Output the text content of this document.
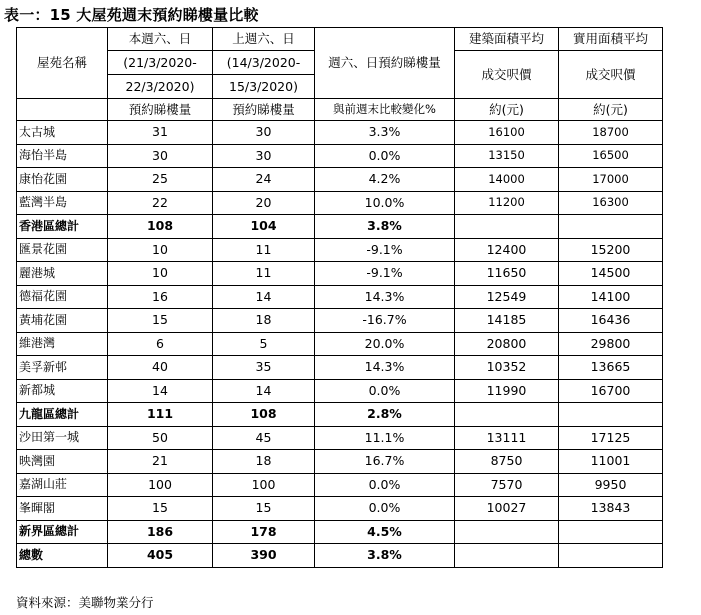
表一：15 大屋苑週末預約睇樓量比較
屋苑名稱	本週六、日	上週六、日	週六、日預約睇樓量	建築面積平均	實用面積平均
	(21/3/2020-	(14/3/2020-		成交呎價	成交呎價
	22/3/2020)	15/3/2020)			
	預約睇樓量	預約睇樓量	與前週末比較變化%	約(元)	約(元)
太古城	31	30	3.3%	16100	18700
海怡半島	30	30	0.0%	13150	16500
康怡花園	25	24	4.2%	14000	17000
藍灣半島	22	20	10.0%	11200	16300
香港區總計	108	104	3.8%		
匯景花園	10	11	-9.1%	12400	15200
麗港城	10	11	-9.1%	11650	14500
德福花園	16	14	14.3%	12549	14100
黃埔花園	15	18	-16.7%	14185	16436
維港灣	6	5	20.0%	20800	29800
美孚新邨	40	35	14.3%	10352	13665
新都城	14	14	0.0%	11990	16700
九龍區總計	111	108	2.8%		
沙田第一城	50	45	11.1%	13111	17125
映灣園	21	18	16.7%	8750	11001
嘉湖山莊	100	100	0.0%	7570	9950
峯暉閣	15	15	0.0%	10027	13843
新界區總計	186	178	4.5%		
總數	405	390	3.8%		
資料來源：美聯物業分行
